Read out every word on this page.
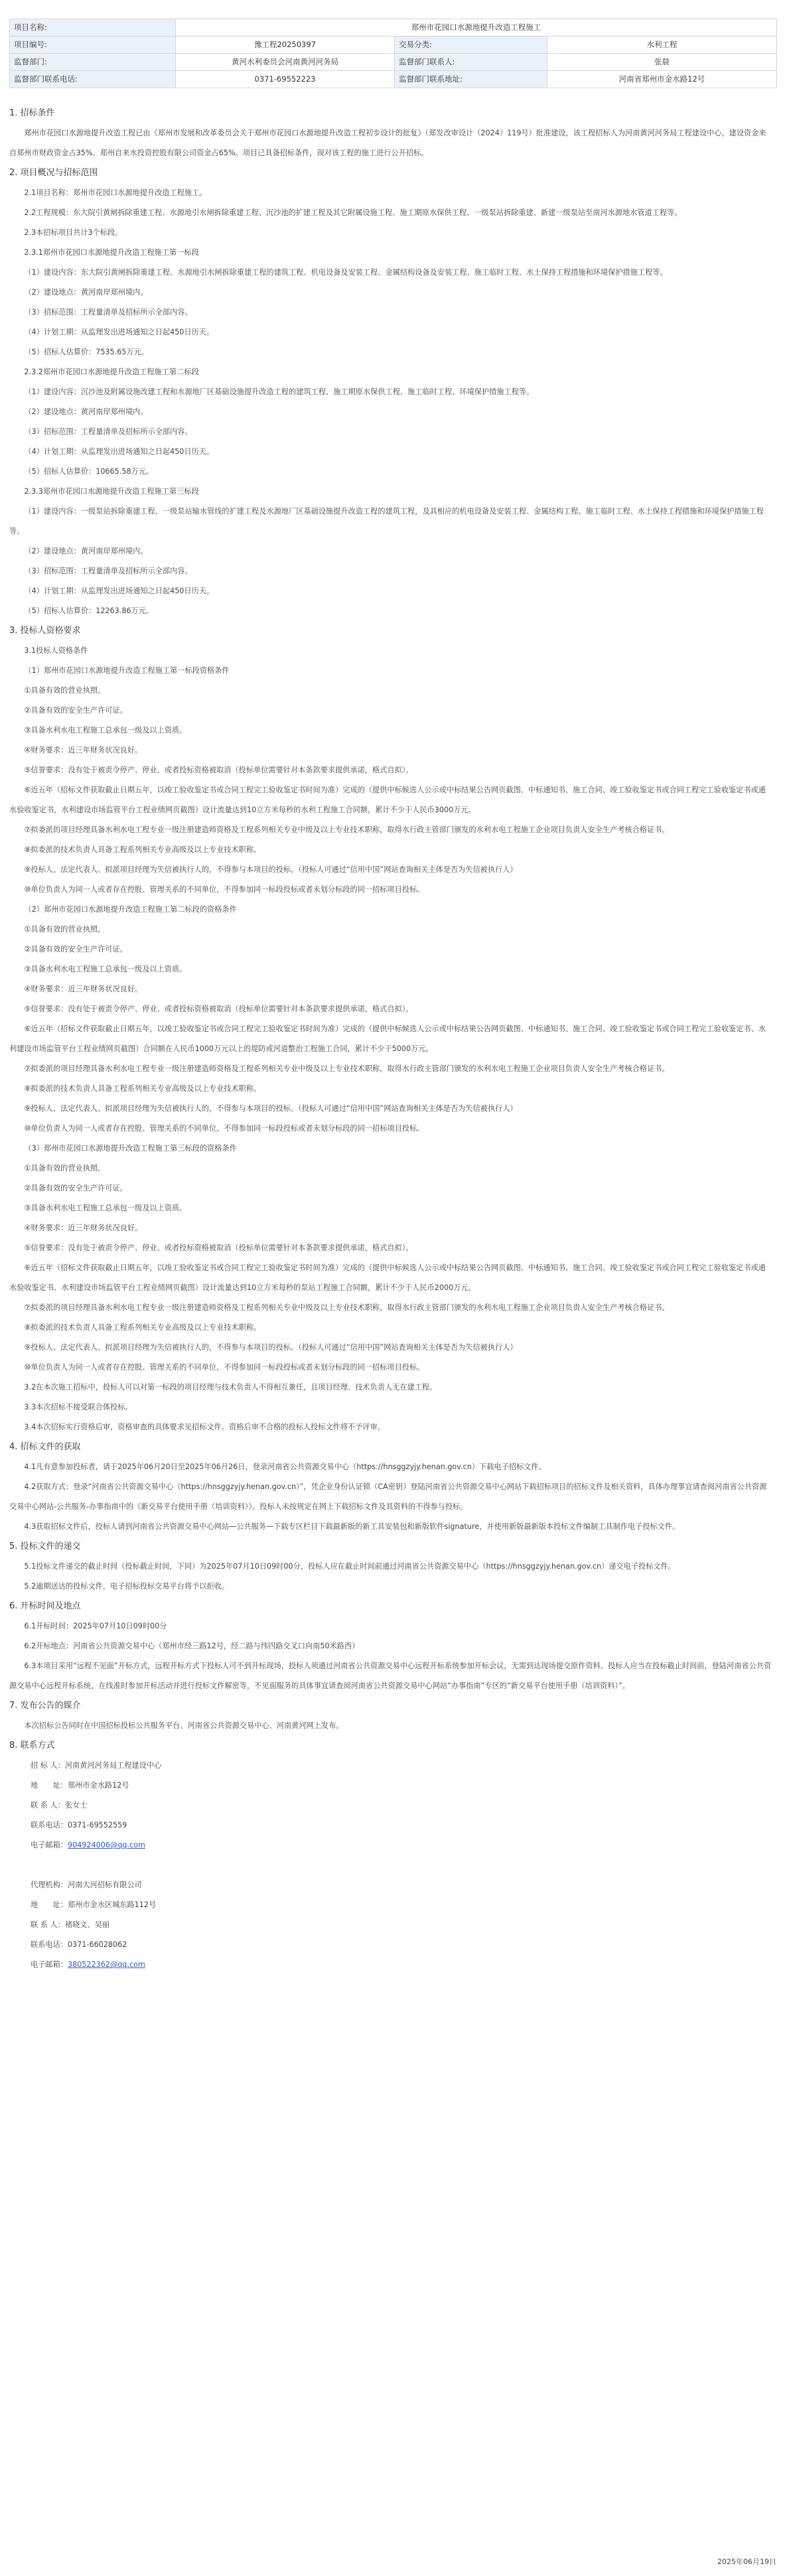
项目名称:	郑州市花园口水源地提升改造工程施工		
项目编号:	豫工程20250397	交易分类:	水利工程
监督部门:	黄河水利委员会河南黄河河务局	监督部门联系人:	张晨
监督部门联系电话:	0371-69552223	监督部门联系地址:	河南省郑州市金水路12号

1. 招标条件

郑州市花园口水源地提升改造工程已由《郑州市发展和改革委员会关于郑州市花园口水源地提升改造工程初步设计的批复》（郑发改审设计（2024）119号）批准建设，该工程招标人为河南黄河河务局工程建设中心，建设资金来自郑州市财政资金占35%、郑州自来水投资控股有限公司资金占65%。项目已具备招标条件，现对该工程的施工进行公开招标。

2. 项目概况与招标范围

2.1项目名称：郑州市花园口水源地提升改造工程施工。

2.2工程规模：东大院引黄闸拆除重建工程、水源地引水闸拆除重建工程、沉沙池的扩建工程及其它附属设施工程、施工期原水保供工程、一级泵站拆除重建、新建一级泵站至南河水源地水管道工程等。

2.3本招标项目共计3个标段。

2.3.1郑州市花园口水源地提升改造工程施工第一标段

（1）建设内容：东大院引黄闸拆除重建工程、水源地引水闸拆除重建工程的建筑工程、机电设备及安装工程、金属结构设备及安装工程、施工临时工程、水土保持工程措施和环境保护措施工程等。

（2）建设地点：黄河南岸郑州境内。

（3）招标范围：工程量清单及招标所示全部内容。

（4）计划工期：从监理发出进场通知之日起450日历天。

（5）招标人估算价：7535.65万元。

2.3.2郑州市花园口水源地提升改造工程施工第二标段

（1）建设内容：沉沙池及附属设施改建工程和水源地厂区基础设施提升改造工程的建筑工程、施工期原水保供工程、施工临时工程、环境保护措施工程等。

（2）建设地点：黄河南岸郑州境内。

（3）招标范围：工程量清单及招标所示全部内容。

（4）计划工期：从监理发出进场通知之日起450日历天。

（5）招标人估算价：10665.58万元。

2.3.3郑州市花园口水源地提升改造工程施工第三标段

（1）建设内容：一级泵站拆除重建工程、一级泵站输水管线的扩建工程及水源地厂区基础设施提升改造工程的建筑工程，及其相应的机电设备及安装工程、金属结构工程、施工临时工程、水土保持工程措施和环境保护措施工程等。

（2）建设地点：黄河南岸郑州境内。

（3）招标范围：工程量清单及招标所示全部内容。

（4）计划工期：从监理发出进场通知之日起450日历天。

（5）招标人估算价：12263.86万元。

3. 投标人资格要求

3.1投标人资格条件

（1）郑州市花园口水源地提升改造工程施工第一标段资格条件

①具备有效的营业执照。

②具备有效的安全生产许可证。

③具备水利水电工程施工总承包一级及以上资质。

④财务要求：近三年财务状况良好。

⑤信誉要求：没有处于被责令停产、停业、或者投标资格被取消（投标单位需要针对本条款要求提供承诺，格式自拟）。

⑥近五年（招标文件获取截止日期五年，以竣工验收鉴定书或合同工程完工验收鉴定书时间为准）完成的（提供中标候选人公示或中标结果公告网页截图、中标通知书、施工合同、竣工验收鉴定书或合同工程完工验收鉴定书或通水验收鉴定书，水利建设市场监管平台工程业绩网页截图）设计流量达到10立方米每秒的水利工程施工合同额，累计不少于人民币3000万元。

⑦拟委派的项目经理具备水利水电工程专业一级注册建造师资格及工程系列相关专业中级及以上专业技术职称，取得水行政主管部门颁发的水利水电工程施工企业项目负责人安全生产考核合格证书。

⑧拟委派的技术负责人具备工程系列相关专业高级及以上专业技术职称。

⑨投标人、法定代表人、拟派项目经理为失信被执行人的，不得参与本项目的投标。（投标人可通过“信用中国”网站查询相关主体是否为失信被执行人）

⑩单位负责人为同一人或者存在控股、管理关系的不同单位，不得参加同一标段投标或者未划分标段的同一招标项目投标。

（2）郑州市花园口水源地提升改造工程施工第二标段的资格条件

①具备有效的营业执照。

②具备有效的安全生产许可证。

③具备水利水电工程施工总承包一级及以上资质。

④财务要求：近三年财务状况良好。

⑤信誉要求：没有处于被责令停产、停业、或者投标资格被取消（投标单位需要针对本条款要求提供承诺，格式自拟）。

⑥近五年（招标文件获取截止日期五年，以竣工验收鉴定书或合同工程完工验收鉴定书时间为准）完成的（提供中标候选人公示或中标结果公告网页截图、中标通知书、施工合同、竣工验收鉴定书或合同工程完工验收鉴定书、水利建设市场监管平台工程业绩网页截图）合同额在人民币1000万元以上的堤防或河道整治工程施工合同，累计不少于5000万元。

⑦拟委派的项目经理具备水利水电工程专业一级注册建造师资格及工程系列相关专业中级及以上专业技术职称，取得水行政主管部门颁发的水利水电工程施工企业项目负责人安全生产考核合格证书。

⑧拟委派的技术负责人具备工程系列相关专业高级及以上专业技术职称。

⑨投标人、法定代表人、拟派项目经理为失信被执行人的，不得参与本项目的投标。（投标人可通过“信用中国”网站查询相关主体是否为失信被执行人）

⑩单位负责人为同一人或者存在控股、管理关系的不同单位，不得参加同一标段投标或者未划分标段的同一招标项目投标。

（3）郑州市花园口水源地提升改造工程施工第三标段的资格条件

①具备有效的营业执照。

②具备有效的安全生产许可证。

③具备水利水电工程施工总承包一级及以上资质。

④财务要求：近三年财务状况良好。

⑤信誉要求：没有处于被责令停产、停业、或者投标资格被取消（投标单位需要针对本条款要求提供承诺，格式自拟）。

⑥近五年（招标文件获取截止日期五年，以竣工验收鉴定书或合同工程完工验收鉴定书时间为准）完成的（提供中标候选人公示或中标结果公告网页截图、中标通知书、施工合同、竣工验收鉴定书或合同工程完工验收鉴定书或通水验收鉴定书、水利建设市场监管平台工程业绩网页截图）设计流量达到10立方米每秒的泵站工程施工合同额，累计不少于人民币2000万元。

⑦拟委派的项目经理具备水利水电工程专业一级注册建造师资格及工程系列相关专业中级及以上专业技术职称，取得水行政主管部门颁发的水利水电工程施工企业项目负责人安全生产考核合格证书。

⑧拟委派的技术负责人具备工程系列相关专业高级及以上专业技术职称。

⑨投标人、法定代表人、拟派项目经理为失信被执行人的，不得参与本项目的投标。（投标人可通过“信用中国”网站查询相关主体是否为失信被执行人）

⑩单位负责人为同一人或者存在控股、管理关系的不同单位，不得参加同一标段投标或者未划分标段的同一招标项目投标。

3.2在本次施工招标中，投标人可以对第一标段的项目经理与技术负责人不得相互兼任，且项目经理、技术负责人无在建工程。

3.3本次招标不接受联合体投标。

3.4本次招标实行资格后审，资格审查的具体要求见招标文件。资格后审不合格的投标人投标文件将不予评审。

4. 招标文件的获取

4.1凡有意参加投标者，请于2025年06月20日至2025年06月26日，登录河南省公共资源交易中心（https://hnsggzyjy.henan.gov.cn）下载电子招标文件。

4.2获取方式：登录“河南省公共资源交易中心（https://hnsggzyjy.henan.gov.cn）”，凭企业身份认证锁（CA密钥）登陆河南省公共资源交易中心网站下载招标项目的招标文件及相关资料，具体办理事宜请查阅河南省公共资源交易中心网站-公共服务-办事指南中的《新交易平台使用手册（培训资料）》。投标人未按规定在网上下载招标文件及其资料的不得参与投标。

4.3获取招标文件后，投标人请到河南省公共资源交易中心网站—公共服务—下载专区栏目下载最新版的新工具安装包和新版软件signature，并使用新版最新版本投标文件编制工具制作电子投标文件。

5. 投标文件的递交

5.1投标文件递交的截止时间（投标截止时间，下同）为2025年07月10日09时00分，投标人应在截止时间前通过河南省公共资源交易中心（https://hnsggzyjy.henan.gov.cn）递交电子投标文件。

5.2逾期送达的投标文件，电子招标投标交易平台将予以拒收。

6. 开标时间及地点

6.1开标时间：2025年07月10日09时00分

6.2开标地点：河南省公共资源交易中心（郑州市经三路12号，经二路与纬四路交叉口向南50米路西）

6.3本项目采用“远程不见面”开标方式，远程开标方式下投标人可不到开标现场，投标人须通过河南省公共资源交易中心远程开标系统参加开标会议，无需到达现场提交原件资料。投标人应当在投标截止时间前，登陆河南省公共资源交易中心远程开标系统，在线准时参加开标活动并进行投标文件解密等，不见面服务的具体事宜请查阅河南省公共资源交易中心网站“办事指南”专区的“新交易平台使用手册（培训资料）”。

7. 发布公告的媒介

本次招标公告同时在中国招标投标公共服务平台、河南省公共资源交易中心、河南黄河网上发布。

8. 联系方式

招 标 人：河南黄河河务局工程建设中心

地　　址：郑州市金水路12号

联 系 人：张女士

联系电话：0371-69552559

电子邮箱：904924006@qq.com

代理机构：河南大河招标有限公司

地　　址：郑州市金水区城东路112号

联 系 人：褚晓文、吴丽

联系电话：0371-66028062

电子邮箱：380522362@qq.com

2025年06月19日
